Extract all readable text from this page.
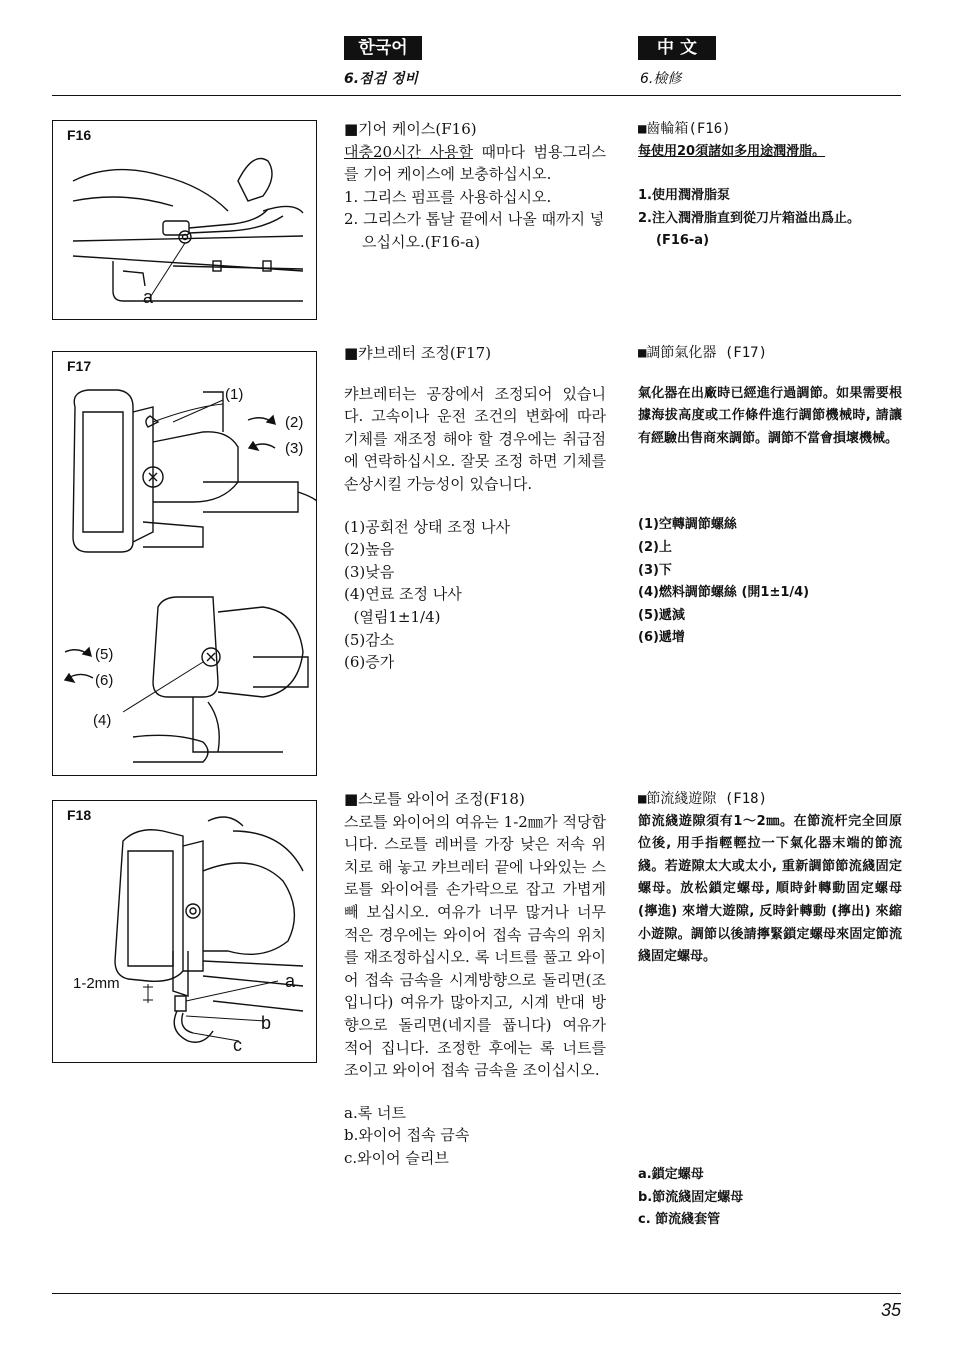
한국어	中 文
6.점검 정비	6.檢修
F16
a

■기어 케이스(F16)

대충20시간 사용할 때마다 범용그리스를 기어 케이스에 보충하십시오.

1. 그리스 펌프를 사용하십시오.

2. 그리스가 톱날 끝에서 나올 때까지 넣으십시오.(F16-a)

■齒輪箱(F16)

每使用20須諸如多用途潤滑脂。

1.使用潤滑脂泵

2.注入潤滑脂直到從刀片箱溢出爲止。 (F16-a)

F17
(1)
(2)
(3)
(5)
(6)
(4)

■캬브레터 조정(F17)

캬브레터는 공장에서 조정되어 있습니다. 고속이나 운전 조건의 변화에 따라 기체를 재조정 해야 할 경우에는 취급점에 연락하십시오. 잘못 조정 하면 기체를 손상시킬 가능성이 있습니다.

(1)공회전 상태 조정 나사

(2)높음

(3)낮음

(4)연료 조정 나사

(열림1±1/4)

(5)감소

(6)증가

■調節氣化器 (F17)

氣化器在出廠時已經進行過調節。如果需要根據海拔高度或工作條件進行調節機械時, 請讓有經驗出售商來調節。調節不當會損壞機械。

(1)空轉調節螺絲

(2)上

(3)下

(4)燃料調節螺絲 (開1±1/4)

(5)遞減

(6)遞增

F18
1-2mm	a
b
c

■스로틀 와이어 조정(F18)

스로틀 와이어의 여유는 1-2㎜가 적당합니다. 스로틀 레버를 가장 낮은 저속 위치로 해 놓고 캬브레터 끝에 나와있는 스로틀 와이어를 손가락으로 잡고 가볍게 빼 보십시오. 여유가 너무 많거나 너무 적은 경우에는 와이어 접속 금속의 위치를 재조정하십시오. 록 너트를 풀고 와이어 접속 금속을 시계방향으로 돌리면(조입니다) 여유가 많아지고, 시계 반대 방향으로 돌리면(네지를 풉니다) 여유가 적어 집니다. 조정한 후에는 록 너트를 조이고 와이어 접속 금속을 조이십시오.

a.록 너트

b.와이어 접속 금속

c.와이어 슬리브

■節流綫遊隙 (F18)

節流綫遊隙須有1～2㎜。在節流杆完全回原位後, 用手指輕輕拉一下氣化器末端的節流綫。若遊隙太大或太小, 重新調節節流綫固定螺母。放松鎖定螺母, 順時針轉動固定螺母 (擰進) 來增大遊隙, 反時針轉動 (擰出) 來縮小遊隙。調節以後請擰緊鎖定螺母來固定節流綫固定螺母。

a.鎖定螺母

b.節流綫固定螺母

c. 節流綫套管

35
